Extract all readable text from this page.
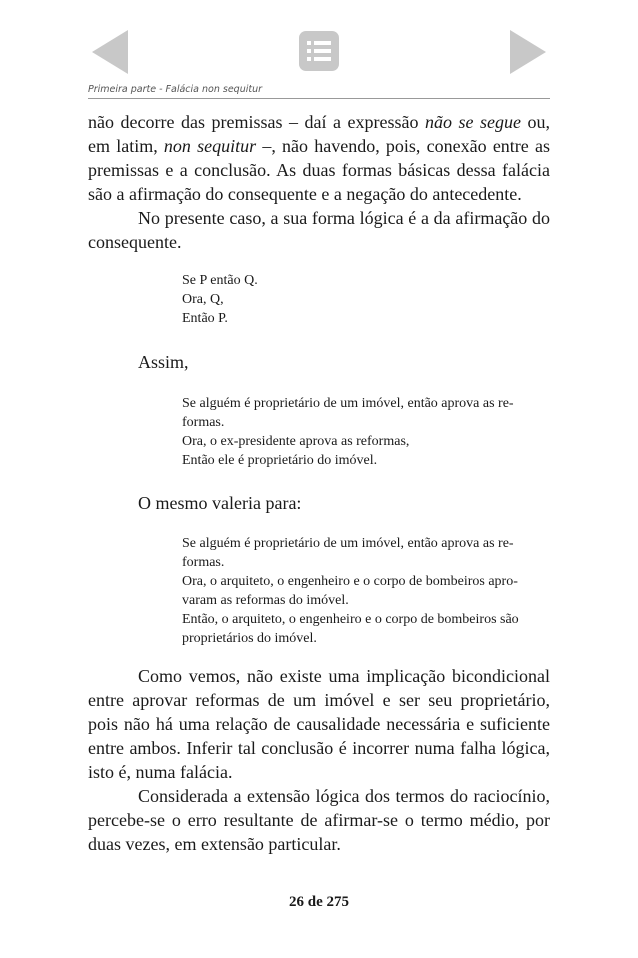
Primeira parte - Falácia non sequitur

não decorre das premissas – daí a expressão não se segue ou, em latim, non sequitur –, não havendo, pois, conexão entre as premissas e a conclusão. As duas formas básicas dessa falácia são a afirmação do consequente e a negação do antecedente.

No presente caso, a sua forma lógica é a da afirmação do consequente.

Se P então Q.
Ora, Q,
Então P.
Assim,
Se alguém é proprietário de um imóvel, então aprova as re-
formas.
Ora, o ex-presidente aprova as reformas,
Então ele é proprietário do imóvel.
O mesmo valeria para:
Se alguém é proprietário de um imóvel, então aprova as re-
formas.
Ora, o arquiteto, o engenheiro e o corpo de bombeiros apro-
varam as reformas do imóvel.
Então, o arquiteto, o engenheiro e o corpo de bombeiros são
proprietários do imóvel.

Como vemos, não existe uma implicação bicondicional entre aprovar reformas de um imóvel e ser seu proprietário, pois não há uma relação de causalidade necessária e suficiente entre ambos. Inferir tal conclusão é incorrer numa falha lógica, isto é, numa falácia.

Considerada a extensão lógica dos termos do raciocínio, percebe-se o erro resultante de afirmar-se o termo médio, por duas vezes, em extensão particular.

26 de 275
